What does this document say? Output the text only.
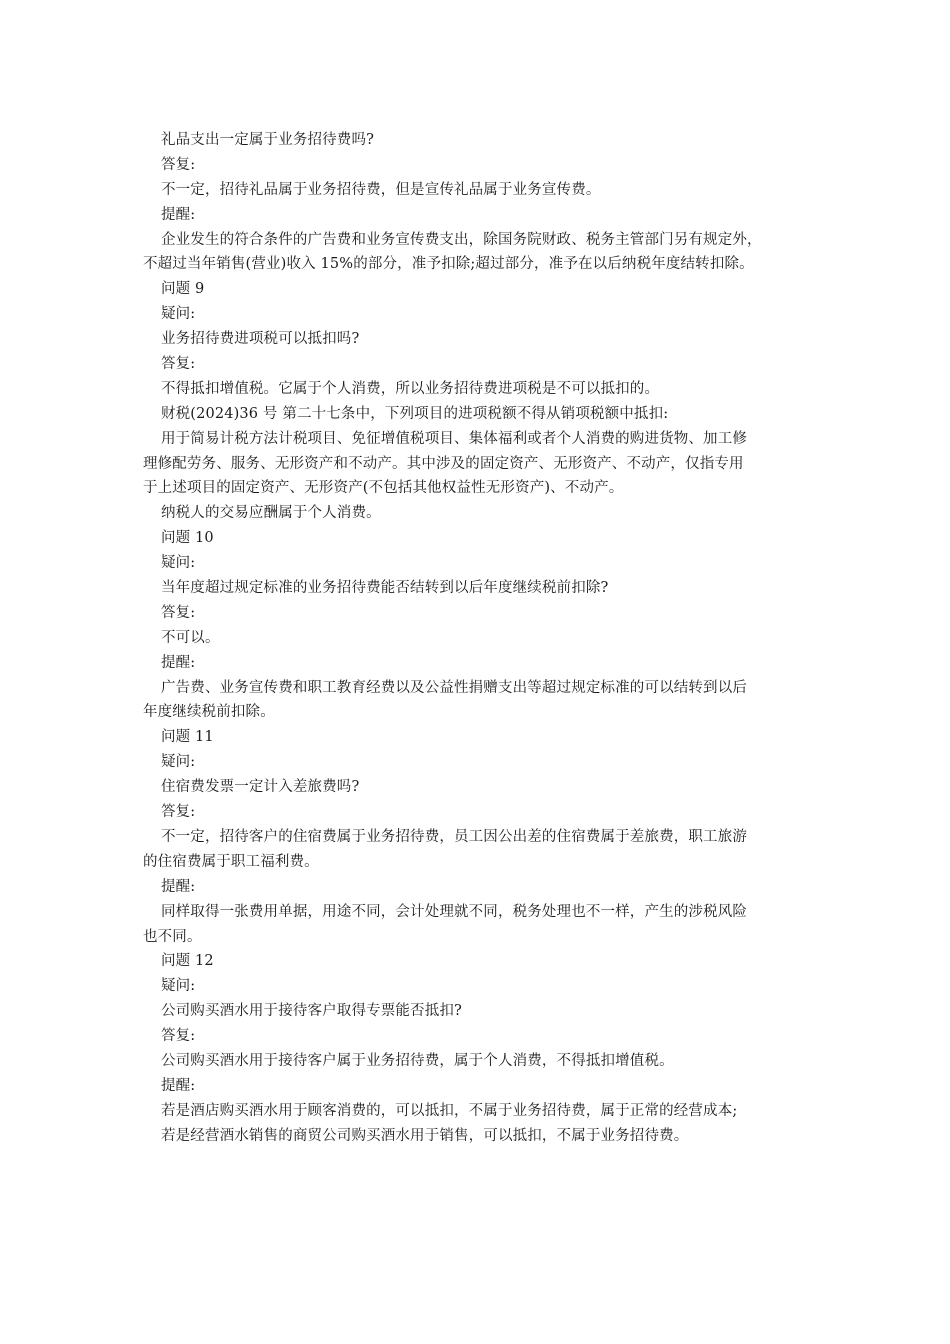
礼品支出一定属于业务招待费吗?
答复:
不一定，招待礼品属于业务招待费，但是宣传礼品属于业务宣传费。
提醒:
企业发生的符合条件的广告费和业务宣传费支出，除国务院财政、税务主管部门另有规定外，
不超过当年销售(营业)收入 15%的部分，准予扣除;超过部分，准予在以后纳税年度结转扣除。
问题 9
疑问:
业务招待费进项税可以抵扣吗?
答复:
不得抵扣增值税。它属于个人消费，所以业务招待费进项税是不可以抵扣的。
财税(2024)36 号 第二十七条中，下列项目的进项税额不得从销项税额中抵扣:
用于简易计税方法计税项目、免征增值税项目、集体福利或者个人消费的购进货物、加工修
理修配劳务、服务、无形资产和不动产。其中涉及的固定资产、无形资产、不动产，仅指专用
于上述项目的固定资产、无形资产(不包括其他权益性无形资产)、不动产。
纳税人的交易应酬属于个人消费。
问题 10
疑问:
当年度超过规定标准的业务招待费能否结转到以后年度继续税前扣除?
答复:
不可以。
提醒:
广告费、业务宣传费和职工教育经费以及公益性捐赠支出等超过规定标准的可以结转到以后
年度继续税前扣除。
问题 11
疑问:
住宿费发票一定计入差旅费吗?
答复:
不一定，招待客户的住宿费属于业务招待费，员工因公出差的住宿费属于差旅费，职工旅游
的住宿费属于职工福利费。
提醒:
同样取得一张费用单据，用途不同，会计处理就不同，税务处理也不一样，产生的涉税风险
也不同。
问题 12
疑问:
公司购买酒水用于接待客户取得专票能否抵扣?
答复:
公司购买酒水用于接待客户属于业务招待费，属于个人消费，不得抵扣增值税。
提醒:
若是酒店购买酒水用于顾客消费的，可以抵扣，不属于业务招待费，属于正常的经营成本;
若是经营酒水销售的商贸公司购买酒水用于销售，可以抵扣，不属于业务招待费。
